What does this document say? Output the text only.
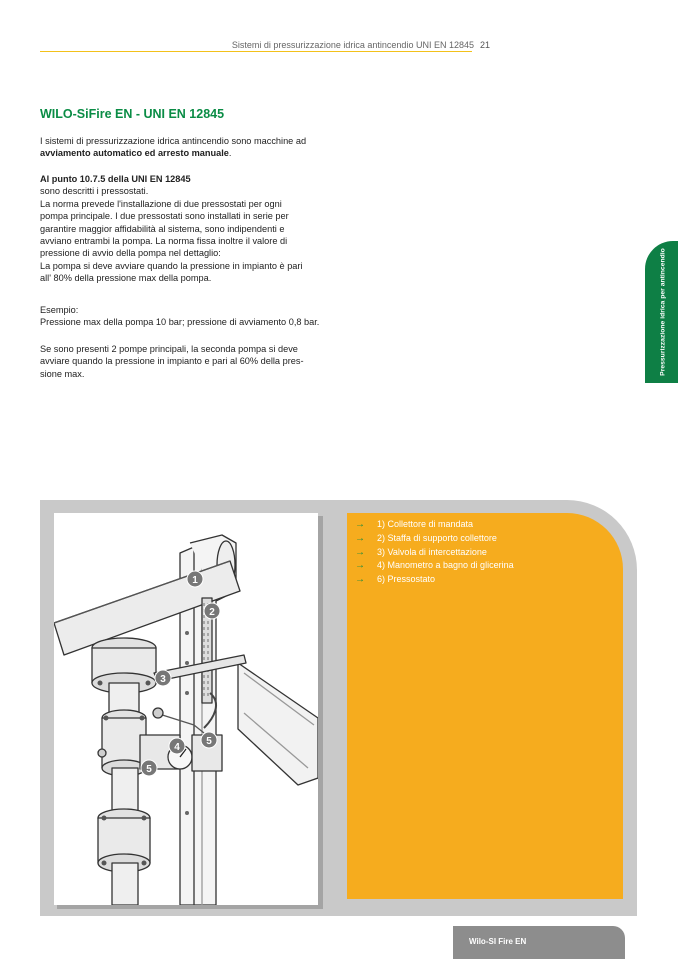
Sistemi di pressurizzazione idrica antincendio UNI EN 12845 21
WILO-SiFire EN - UNI EN 12845

I sistemi di pressurizzazione idrica antincendio sono macchine ad

avviamento automatico ed arresto manuale.

Al punto 10.7.5 della UNI EN 12845

sono descritti i pressostati.

La norma prevede l'installazione di due pressostati per ogni

pompa principale. I due pressostati sono installati in serie per

garantire maggior affidabilità al sistema, sono indipendenti e

avviano entrambi la pompa. La norma fissa inoltre il valore di

pressione di avvio della pompa nel dettaglio:

La pompa si deve avviare quando la pressione in impianto è pari

all' 80% della pressione max della pompa.

Esempio:

Pressione max della pompa 10 bar; pressione di avviamento 0,8 bar.

Se sono presenti 2 pompe principali, la seconda pompa si deve

avviare quando la pressione in impianto e pari al 60% della pres-

sione max.	Pressurizzazione idrica per antincendio
1
2
3
4
5
5
→	1) Collettore di mandata
→	2) Staffa di supporto collettore
→	3) Valvola di intercettazione
→	4) Manometro a bagno di glicerina
→	6) Pressostato
Wilo-SI Fire EN
